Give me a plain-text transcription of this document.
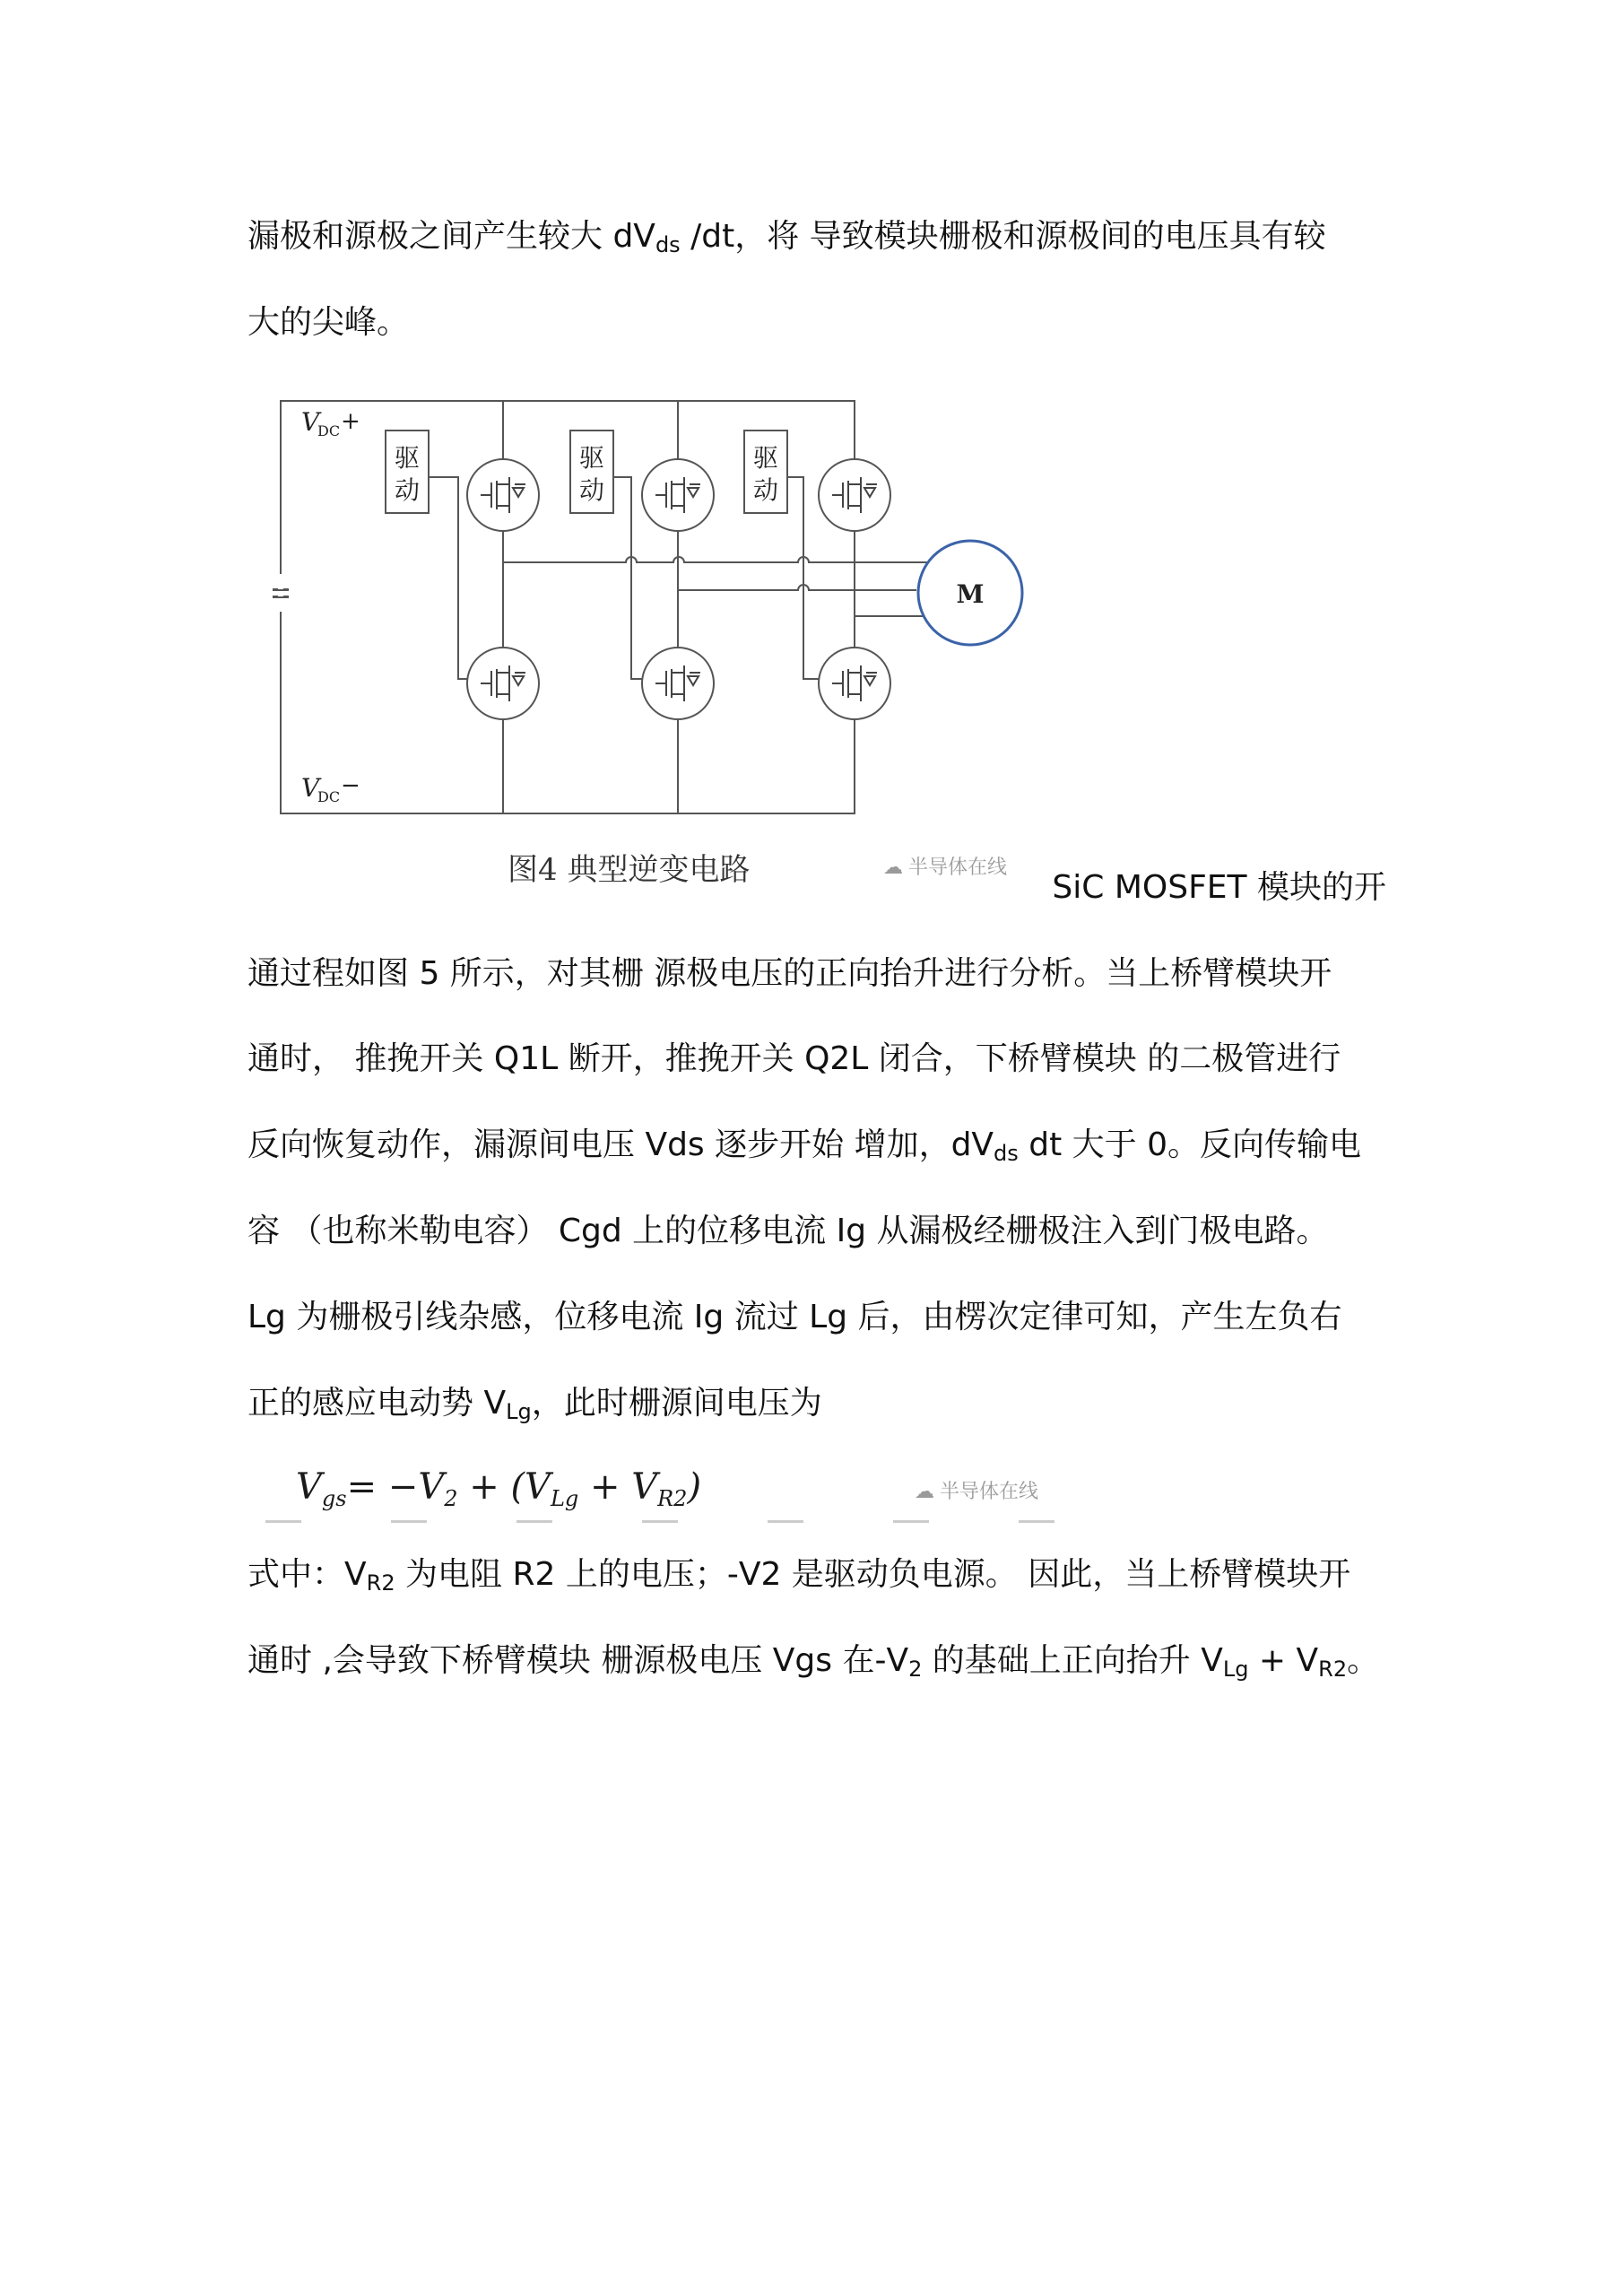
漏极和源极之间产生较大 $dV_{ds}$ /dt，将 导致模块栅极和源极间的电压具有较
大的尖峰。
M
驱
动
驱
动
驱
动
V
DC +
V
DC −
图4 典型逆变电路	☁ 半导体在线
SiC MOSFET 模块的开
通过程如图 5 所示，对其栅 源极电压的正向抬升进行分析。当上桥臂模块开
通时， 推挽开关 Q1L 断开，推挽开关 Q2L 闭合，下桥臂模块 的二极管进行
反向恢复动作，漏源间电压 Vds 逐步开始 增加，$dV_{ds}$ dt 大于 0。反向传输电
容 （也称米勒电容） Cgd 上的位移电流 Ig 从漏极经栅极注入到门极电路。
Lg 为栅极引线杂感，位移电流 Ig 流过 Lg 后，由楞次定律可知，产生左负右
正的感应电动势 $V_{Lg}$，此时栅源间电压为
$V_{gs}= -V_2 + (V_{Lg} + V_{R2})$	☁ 半导体在线
式中：$V_{R2}$ 为电阻 R2 上的电压；-V2 是驱动负电源。 因此，当上桥臂模块开
通时 ,会导致下桥臂模块 栅源极电压 Vgs 在$-V_2$ 的基础上正向抬升 $V_{Lg} + V_{R2}$。
